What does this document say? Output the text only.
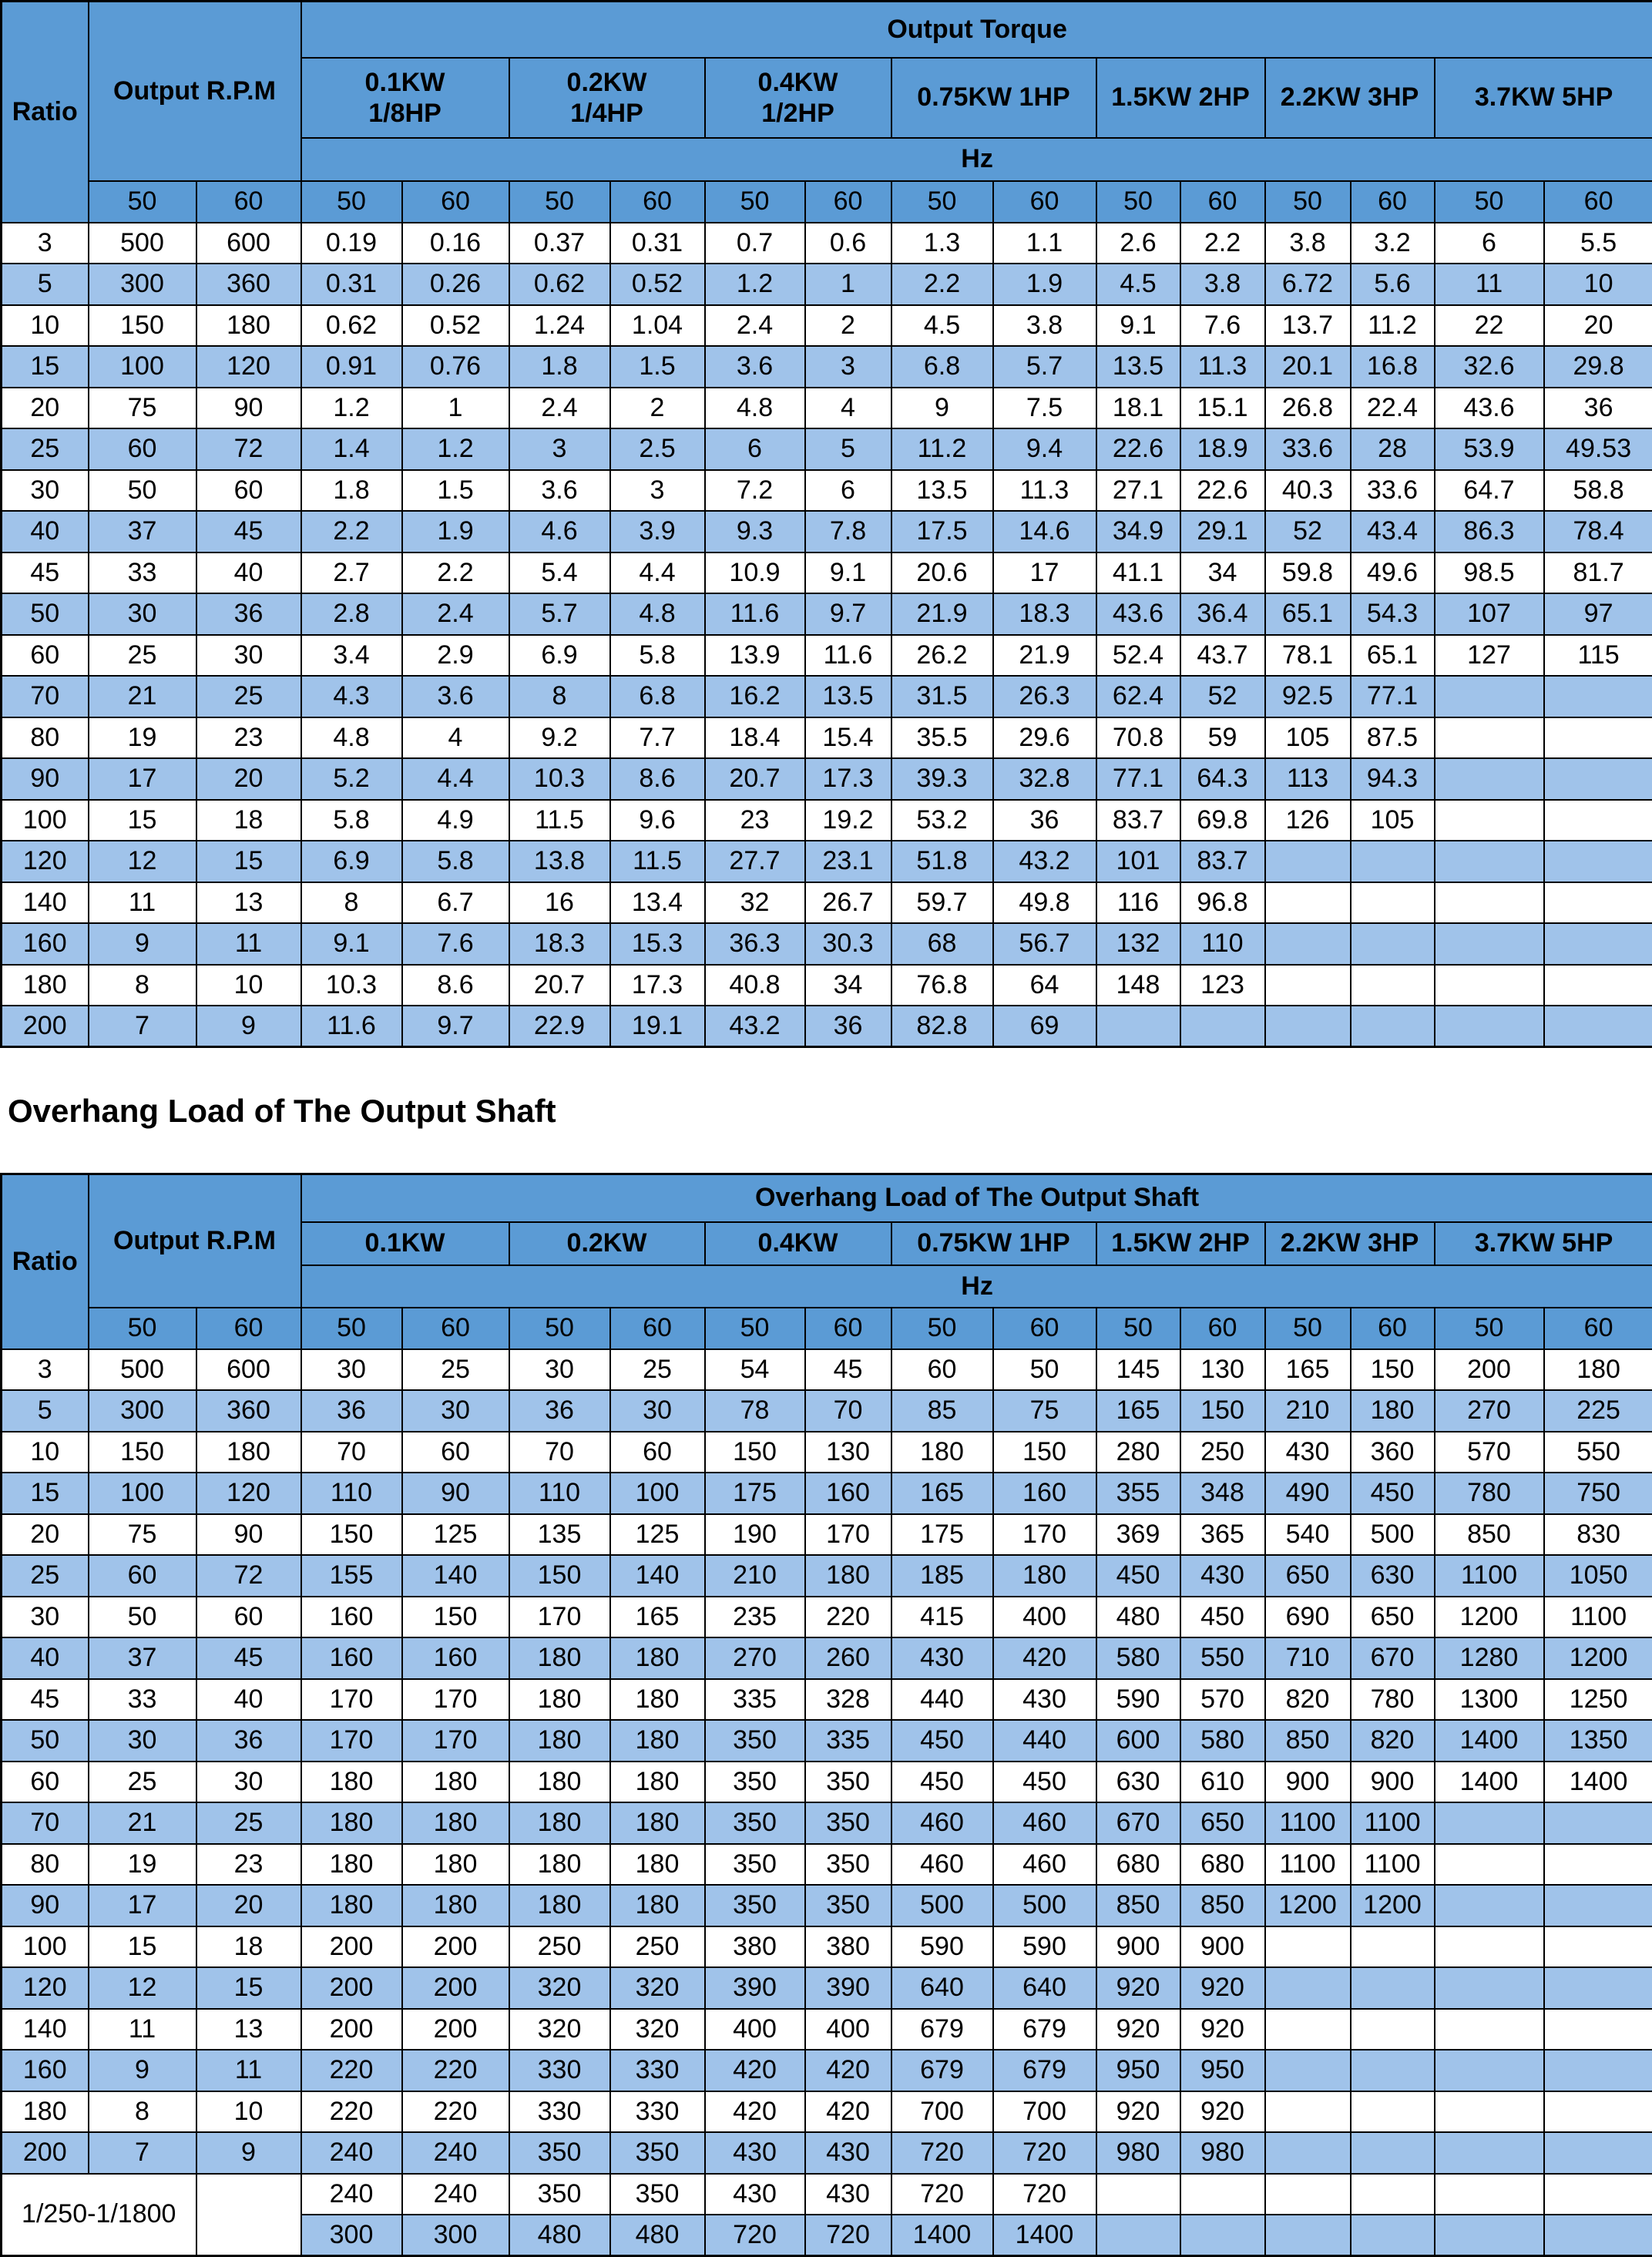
Ratio	Output R.P.M		Output Torque														
			0.1KW 1/8HP		0.2KW 1/4HP		0.4KW 1/2HP		0.75KW 1HP		1.5KW 2HP		2.2KW 3HP		3.7KW 5HP		
			Hz														
	50	60	50	60	50	60	50	60	50	60	50	60	50	60	50	60		
3	500	600	0.19	0.16	0.37	0.31	0.7	0.6	1.3	1.1	2.6	2.2	3.8	3.2	6	5.5	
5	300	360	0.31	0.26	0.62	0.52	1.2	1	2.2	1.9	4.5	3.8	6.72	5.6	11	10	
10	150	180	0.62	0.52	1.24	1.04	2.4	2	4.5	3.8	9.1	7.6	13.7	11.2	22	20	
15	100	120	0.91	0.76	1.8	1.5	3.6	3	6.8	5.7	13.5	11.3	20.1	16.8	32.6	29.8	
20	75	90	1.2	1	2.4	2	4.8	4	9	7.5	18.1	15.1	26.8	22.4	43.6	36	
25	60	72	1.4	1.2	3	2.5	6	5	11.2	9.4	22.6	18.9	33.6	28	53.9	49.53	
30	50	60	1.8	1.5	3.6	3	7.2	6	13.5	11.3	27.1	22.6	40.3	33.6	64.7	58.8	
40	37	45	2.2	1.9	4.6	3.9	9.3	7.8	17.5	14.6	34.9	29.1	52	43.4	86.3	78.4	
45	33	40	2.7	2.2	5.4	4.4	10.9	9.1	20.6	17	41.1	34	59.8	49.6	98.5	81.7	
50	30	36	2.8	2.4	5.7	4.8	11.6	9.7	21.9	18.3	43.6	36.4	65.1	54.3	107	97	
60	25	30	3.4	2.9	6.9	5.8	13.9	11.6	26.2	21.9	52.4	43.7	78.1	65.1	127	115	
70	21	25	4.3	3.6	8	6.8	16.2	13.5	31.5	26.3	62.4	52	92.5	77.1			
80	19	23	4.8	4	9.2	7.7	18.4	15.4	35.5	29.6	70.8	59	105	87.5			
90	17	20	5.2	4.4	10.3	8.6	20.7	17.3	39.3	32.8	77.1	64.3	113	94.3			
100	15	18	5.8	4.9	11.5	9.6	23	19.2	53.2	36	83.7	69.8	126	105			
120	12	15	6.9	5.8	13.8	11.5	27.7	23.1	51.8	43.2	101	83.7					
140	11	13	8	6.7	16	13.4	32	26.7	59.7	49.8	116	96.8					
160	9	11	9.1	7.6	18.3	15.3	36.3	30.3	68	56.7	132	110					
180	8	10	10.3	8.6	20.7	17.3	40.8	34	76.8	64	148	123					
200	7	9	11.6	9.7	22.9	19.1	43.2	36	82.8	69							
Overhang Load of The Output Shaft
Ratio	Output R.P.M		Overhang Load of The Output Shaft														
			0.1KW		0.2KW		0.4KW		0.75KW 1HP		1.5KW 2HP		2.2KW 3HP		3.7KW 5HP		
			Hz														
	50	60	50	60	50	60	50	60	50	60	50	60	50	60	50	60		
3	500	600	30	25	30	25	54	45	60	50	145	130	165	150	200	180	
5	300	360	36	30	36	30	78	70	85	75	165	150	210	180	270	225	
10	150	180	70	60	70	60	150	130	180	150	280	250	430	360	570	550	
15	100	120	110	90	110	100	175	160	165	160	355	348	490	450	780	750	
20	75	90	150	125	135	125	190	170	175	170	369	365	540	500	850	830	
25	60	72	155	140	150	140	210	180	185	180	450	430	650	630	1100	1050	
30	50	60	160	150	170	165	235	220	415	400	480	450	690	650	1200	1100	
40	37	45	160	160	180	180	270	260	430	420	580	550	710	670	1280	1200	
45	33	40	170	170	180	180	335	328	440	430	590	570	820	780	1300	1250	
50	30	36	170	170	180	180	350	335	450	440	600	580	850	820	1400	1350	
60	25	30	180	180	180	180	350	350	450	450	630	610	900	900	1400	1400	
70	21	25	180	180	180	180	350	350	460	460	670	650	1100	1100			
80	19	23	180	180	180	180	350	350	460	460	680	680	1100	1100			
90	17	20	180	180	180	180	350	350	500	500	850	850	1200	1200			
100	15	18	200	200	250	250	380	380	590	590	900	900					
120	12	15	200	200	320	320	390	390	640	640	920	920					
140	11	13	200	200	320	320	400	400	679	679	920	920					
160	9	11	220	220	330	330	420	420	679	679	950	950					
180	8	10	220	220	330	330	420	420	700	700	920	920					
200	7	9	240	240	350	350	430	430	720	720	980	980					
1/250-1/1800			240	240	350	350	430	430	720	720							
			300	300	480	480	720	720	1400	1400							
